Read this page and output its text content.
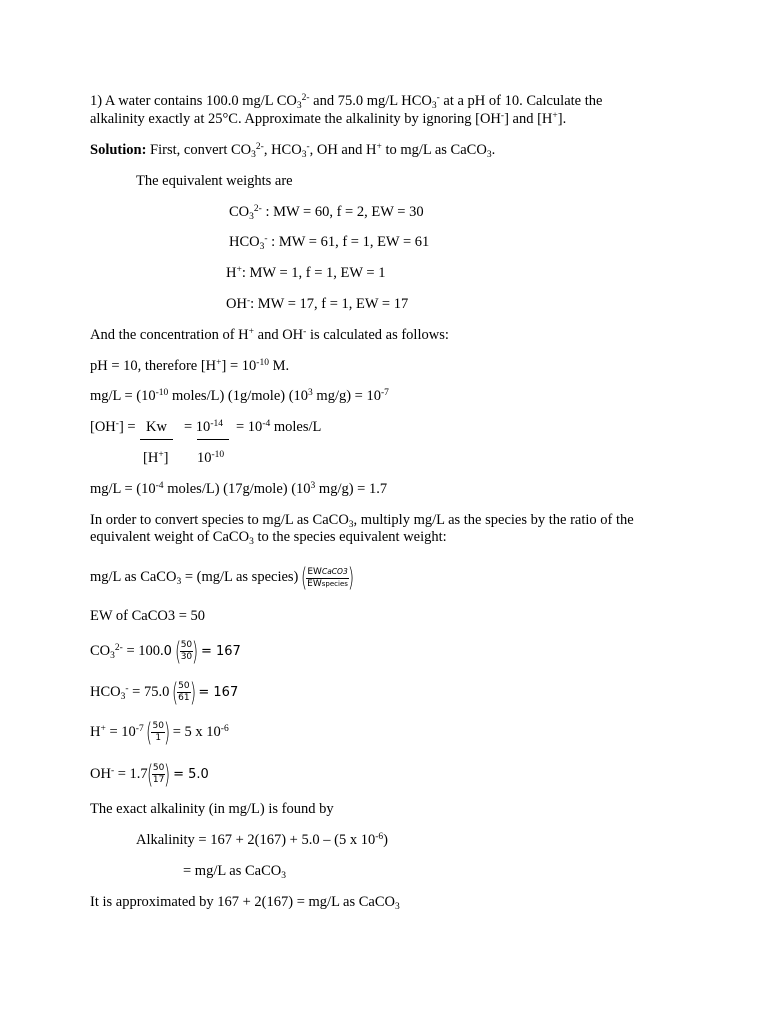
1) A water contains 100.0 mg/L $CO_3^{2-}$ and 75.0 mg/L $HCO_3^-$ at a pH of 10. Calculate the
alkalinity exactly at 25°C. Approximate the alkalinity by ignoring [OH-] and [H+].
Solution: First, convert $CO_3^{2-}$, $HCO_3^-$, OH and H+ to mg/L as CaCO$_3$.
The equivalent weights are
$CO_3^{2-}$ : MW = 60, f = 2, EW = 30
$HCO_3^-$ : MW = 61, f = 1, EW = 61
H+: MW = 1, f = 1, EW = 1
OH-: MW = 17, f = 1, EW = 17
And the concentration of H+ and OH- is calculated as follows:
pH = 10, therefore $[H^+] = 10^{-10}$ M.
$mg/L = (10^{-10}$ moles/L) (1g/mole) ($10^3$ $mg/g) = 10^{-7}$
[OH-] = Kw
[H+]
= $10^{-14}$
$10^{-10}$
= $10^{-4}$ moles/L
$mg/L = (10^{-4}$ moles/L) (17g/mole) ($10^3$ mg/g) = 1.7
In order to convert species to mg/L as CaCO$_3$, multiply mg/L as the species by the ratio of the
equivalent weight of CaCO$_3$ to the species equivalent weight:
mg/L as CaCO$_3$ = (mg/L as species) ( $\frac{\text{EWCaCO3}}{\text{EWspecies}}$ )
EW of CaCO3 = 50
$CO_3^{2-} = 100.0$ ( $\frac{50}{30}$ ) = 167
$HCO_3^- = 75.0$ ( $\frac{50}{61}$ ) = 167
$H^+ = 10^{-7}$ ( $\frac{50}{1}$ ) = 5 x $10^{-6}$
$OH^- = 1.7( \frac{50}{17}$ ) = 5.0
The exact alkalinity (in mg/L) is found by
Alkalinity = 167 + 2(167) + 5.0 – (5 x $10^{-6}$)
= mg/L as CaCO$_3$
It is approximated by 167 + 2(167) = mg/L as CaCO$_3$
